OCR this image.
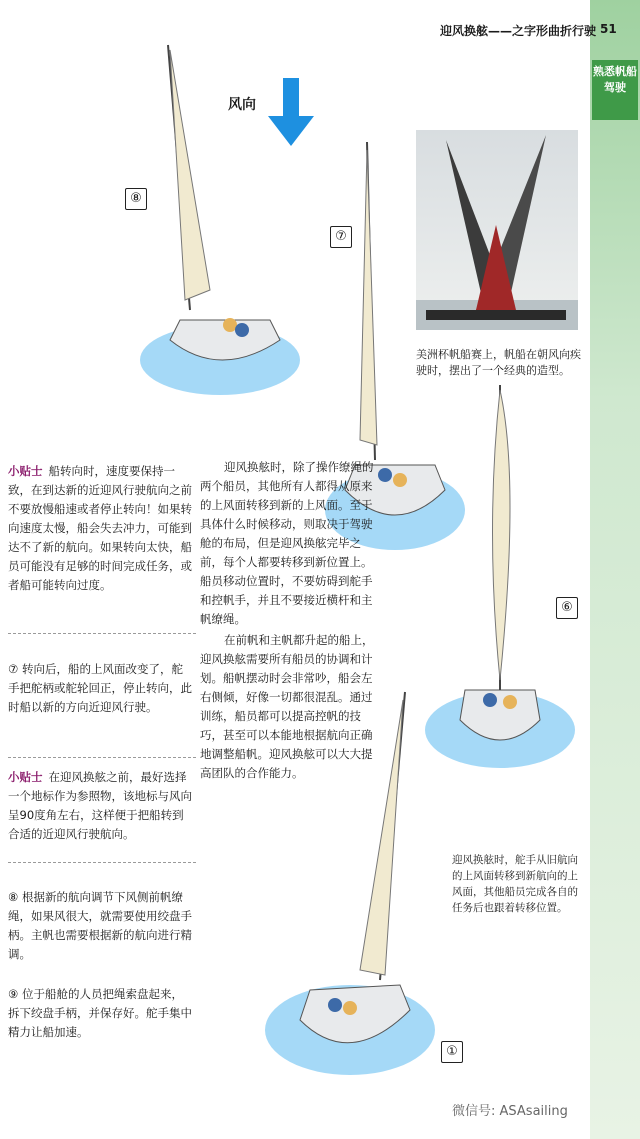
熟悉帆船驾驶
迎风换舷——之字形曲折行驶 51
风向
⑧
⑦
⑥
①
美洲杯帆船赛上，帆船在朝风向疾驶时，摆出了一个经典的造型。
小贴士 船转向时，速度要保持一致，在到达新的近迎风行驶航向之前不要放慢船速或者停止转向！如果转向速度太慢，船会失去冲力，可能到达不了新的航向。如果转向太快，船员可能没有足够的时间完成任务，或者船可能转向过度。
⑦ 转向后，船的上风面改变了，舵手把舵柄或舵轮回正，停止转向，此时船以新的方向近迎风行驶。
小贴士 在迎风换舷之前，最好选择一个地标作为参照物，该地标与风向呈90度角左右，这样便于把船转到合适的近迎风行驶航向。
⑧ 根据新的航向调节下风侧前帆缭绳，如果风很大，就需要使用绞盘手柄。主帆也需要根据新的航向进行精调。
⑨ 位于船舱的人员把绳索盘起来，拆下绞盘手柄，并保存好。舵手集中精力让船加速。

迎风换舷时，除了操作缭绳的两个船员，其他所有人都得从原来的上风面转移到新的上风面。至于具体什么时候移动，则取决于驾驶舱的布局，但是迎风换舷完毕之前，每个人都要转移到新位置上。船员移动位置时，不要妨碍到舵手和控帆手，并且不要接近横杆和主帆缭绳。

在前帆和主帆都升起的船上，迎风换舷需要所有船员的协调和计划。船帆摆动时会非常吵，船会左右侧倾，好像一切都很混乱。通过训练，船员都可以提高控帆的技巧，甚至可以本能地根据航向正确地调整船帆。迎风换舷可以大大提高团队的合作能力。

迎风换舷时，舵手从旧航向的上风面转移到新航向的上风面，其他船员完成各自的任务后也跟着转移位置。
微信号: ASAsailing
